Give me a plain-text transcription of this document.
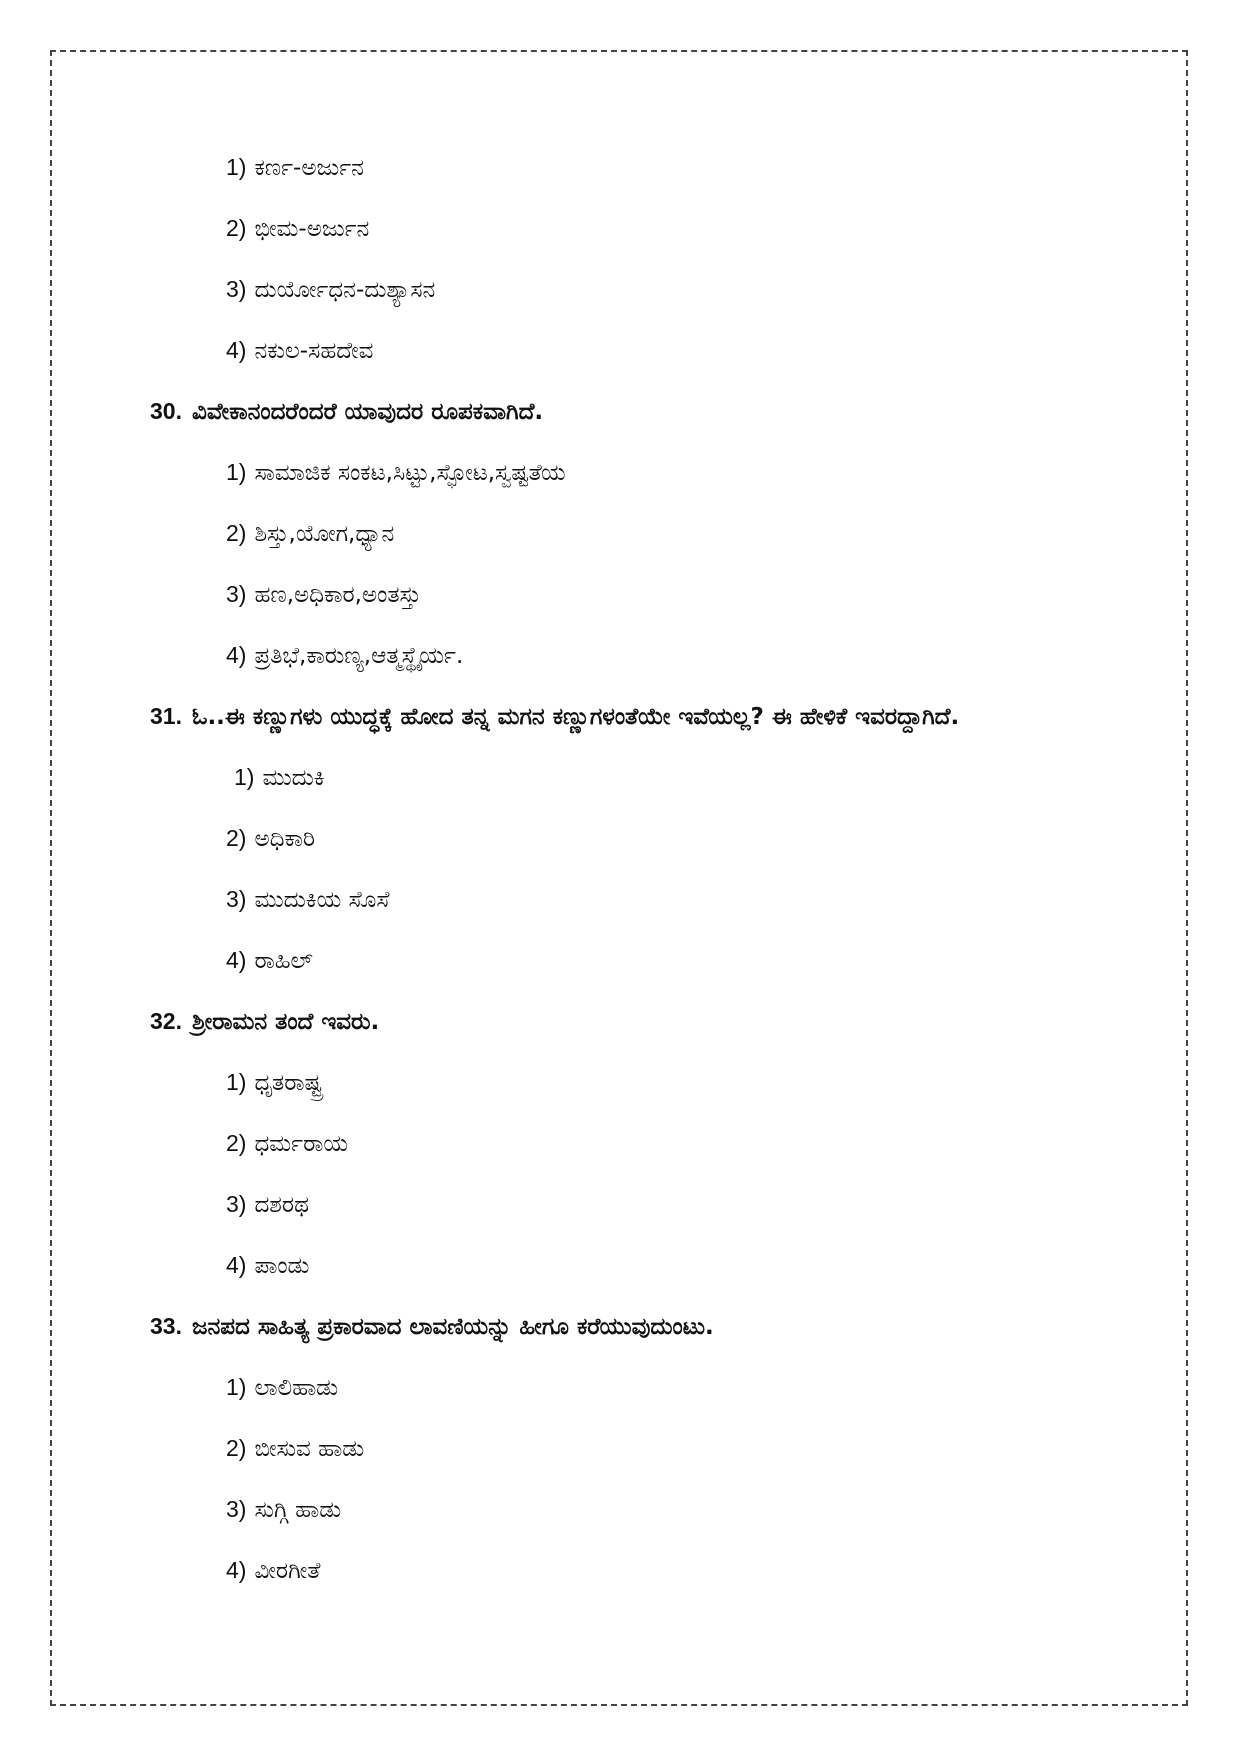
1) ಕರ್ಣ-ಅರ್ಜುನ
2) ಭೀಮ-ಅರ್ಜುನ
3) ದುರ್ಯೋಧನ-ದುಶ್ಯಾಸನ
4) ನಕುಲ-ಸಹದೇವ
30. ವಿವೇಕಾನಂದರೆಂದರೆ ಯಾವುದರ ರೂಪಕವಾಗಿದೆ.
1) ಸಾಮಾಜಿಕ ಸಂಕಟ,ಸಿಟ್ಟು,ಸ್ಫೋಟ,ಸ್ವಷ್ಟತೆಯ
2) ಶಿಸ್ತು,ಯೋಗ,ಧ್ಯಾನ
3) ಹಣ,ಅಧಿಕಾರ,ಅಂತಸ್ತು
4) ಪ್ರತಿಭೆ,ಕಾರುಣ್ಯ,ಆತ್ಮಸ್ಥೈರ್ಯ.
31. ಓ..ಈ ಕಣ್ಣುಗಳು ಯುದ್ಧಕ್ಕೆ ಹೋದ ತನ್ನ ಮಗನ ಕಣ್ಣುಗಳಂತೆಯೇ ಇವೆಯಲ್ಲ? ಈ ಹೇಳಿಕೆ ಇವರದ್ದಾಗಿದೆ.
1) ಮುದುಕಿ
2) ಅಧಿಕಾರಿ
3) ಮುದುಕಿಯ ಸೊಸೆ
4) ರಾಹಿಲ್
32. ಶ್ರೀರಾಮನ ತಂದೆ ಇವರು.
1) ಧೃತರಾಷ್ಟ್ರ
2) ಧರ್ಮರಾಯ
3) ದಶರಥ
4) ಪಾಂಡು
33. ಜನಪದ ಸಾಹಿತ್ಯ ಪ್ರಕಾರವಾದ ಲಾವಣಿಯನ್ನು ಹೀಗೂ ಕರೆಯುವುದುಂಟು.
1) ಲಾಲಿಹಾಡು
2) ಬೀಸುವ ಹಾಡು
3) ಸುಗ್ಗಿ ಹಾಡು
4) ವೀರಗೀತೆ
